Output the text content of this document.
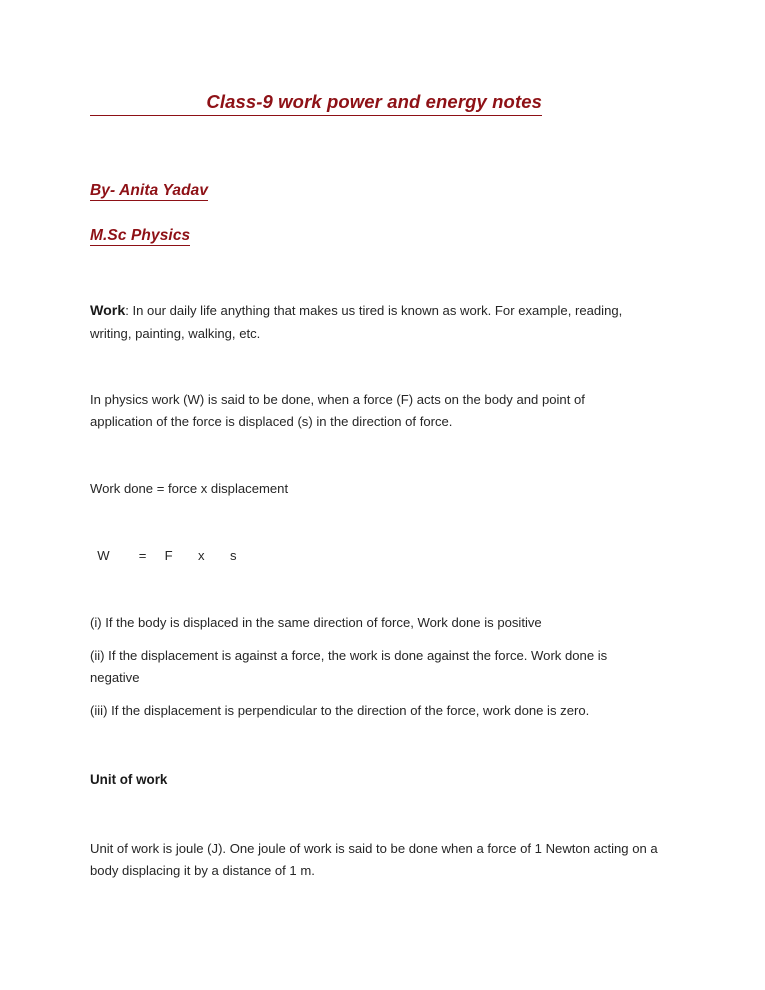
Class-9 work power and energy notes
By- Anita Yadav
M.Sc Physics
Work: In our daily life anything that makes us tired is known as work. For example, reading, writing, painting, walking, etc.
In physics work (W) is said to be done, when a force (F) acts on the body and point of application of the force is displaced (s) in the direction of force.
Work done = force x displacement
W        =     F       x       s
(i) If the body is displaced in the same direction of force, Work done is positive
(ii) If the displacement is against a force, the work is done against the force. Work done is negative
(iii) If the displacement is perpendicular to the direction of the force, work done is zero.
Unit of work
Unit of work is joule (J). One joule of work is said to be done when a force of 1 Newton acting on a body displacing it by a distance of 1 m.
